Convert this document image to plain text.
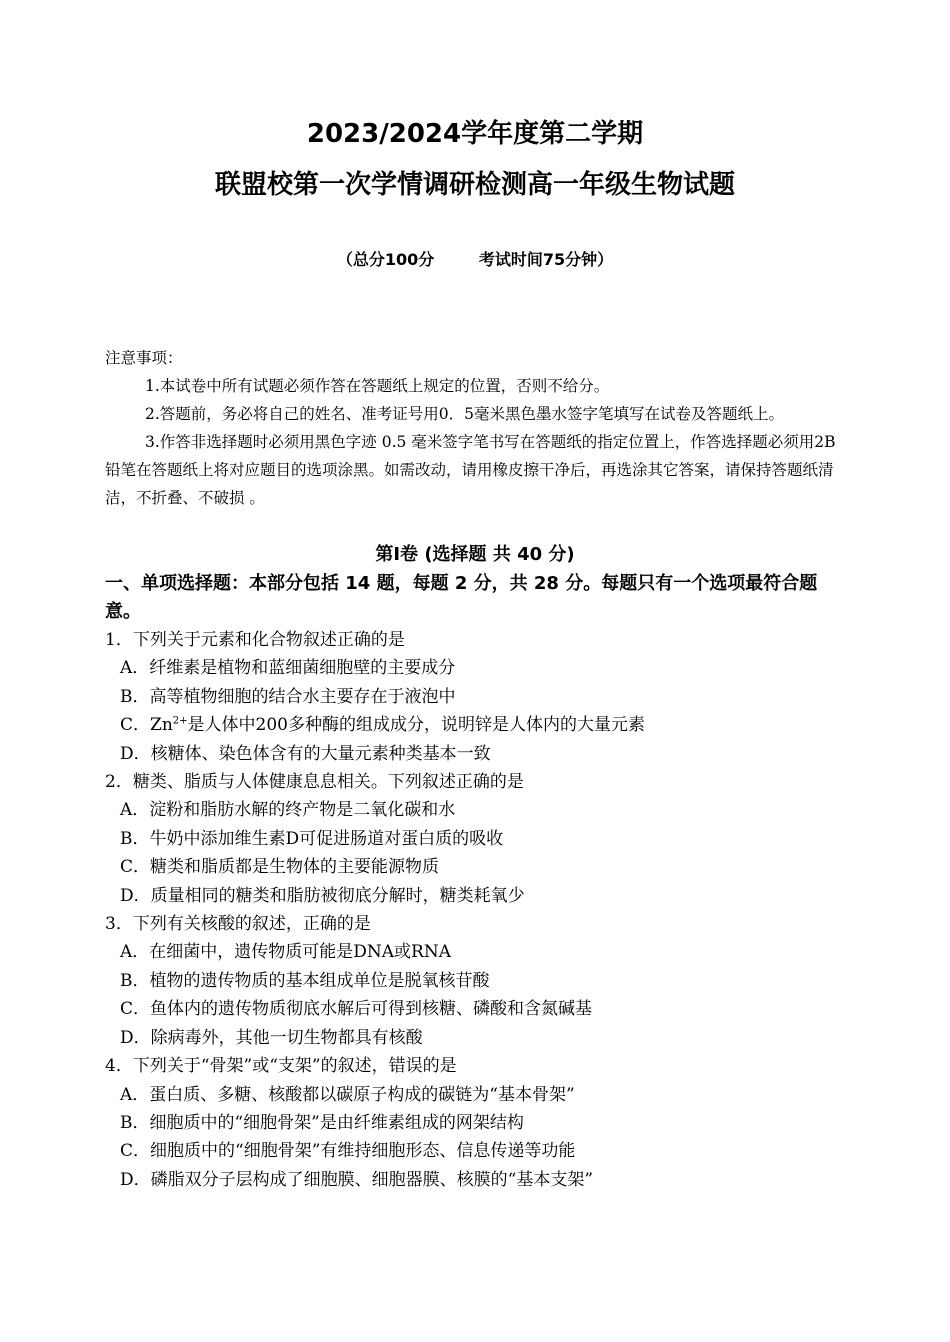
2023/2024学年度第二学期
联盟校第一次学情调研检测高一年级生物试题
（总分100分        考试时间75分钟）

注意事项：

1.本试卷中所有试题必须作答在答题纸上规定的位置，否则不给分。

2.答题前，务必将自己的姓名、准考证号用0．5毫米黑色墨水签字笔填写在试卷及答题纸上。

3.作答非选择题时必须用黑色字迹 0.5 毫米签字笔书写在答题纸的指定位置上，作答选择题必须用2B铅笔在答题纸上将对应题目的选项涂黑。如需改动，请用橡皮擦干净后，再选涂其它答案，请保持答题纸清洁，不折叠、不破损 。

第Ⅰ卷 (选择题 共 40 分)
一、单项选择题：本部分包括 14 题，每题 2 分，共 28 分。每题只有一个选项最符合题意。

1．下列关于元素和化合物叙述正确的是

A．纤维素是植物和蓝细菌细胞壁的主要成分

B．高等植物细胞的结合水主要存在于液泡中

C．$Zn^{2+}$是人体中200多种酶的组成成分，说明锌是人体内的大量元素

D．核糖体、染色体含有的大量元素种类基本一致

2．糖类、脂质与人体健康息息相关。下列叙述正确的是

A．淀粉和脂肪水解的终产物是二氧化碳和水

B．牛奶中添加维生素D可促进肠道对蛋白质的吸收

C．糖类和脂质都是生物体的主要能源物质

D．质量相同的糖类和脂肪被彻底分解时，糖类耗氧少

3．下列有关核酸的叙述，正确的是

A．在细菌中，遗传物质可能是DNA或RNA

B．植物的遗传物质的基本组成单位是脱氧核苷酸

C．鱼体内的遗传物质彻底水解后可得到核糖、磷酸和含氮碱基

D．除病毒外，其他一切生物都具有核酸

4．下列关于“骨架”或“支架”的叙述，错误的是

A．蛋白质、多糖、核酸都以碳原子构成的碳链为“基本骨架”

B．细胞质中的“细胞骨架”是由纤维素组成的网架结构

C．细胞质中的“细胞骨架”有维持细胞形态、信息传递等功能

D．磷脂双分子层构成了细胞膜、细胞器膜、核膜的“基本支架”
